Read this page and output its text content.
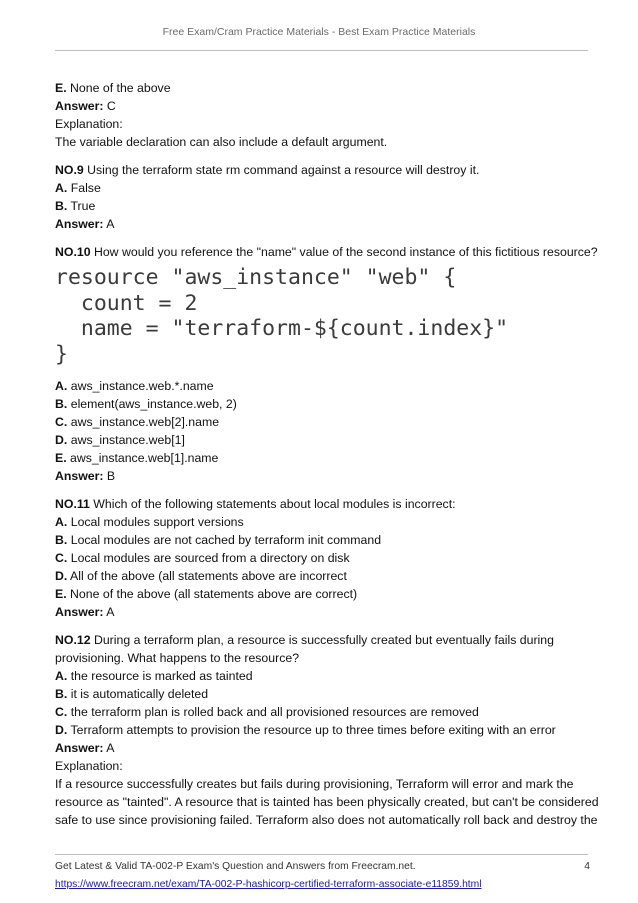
Free Exam/Cram Practice Materials - Best Exam Practice Materials
E. None of the above
Answer: C
Explanation:
The variable declaration can also include a default argument.
NO.9 Using the terraform state rm command against a resource will destroy it.
A. False
B. True
Answer: A
NO.10 How would you reference the "name" value of the second instance of this fictitious resource?
resource "aws_instance" "web" {
count = 2
name = "terraform-${count.index}"
}
A. aws_instance.web.*.name
B. element(aws_instance.web, 2)
C. aws_instance.web[2].name
D. aws_instance.web[1]
E. aws_instance.web[1].name
Answer: B
NO.11 Which of the following statements about local modules is incorrect:
A. Local modules support versions
B. Local modules are not cached by terraform init command
C. Local modules are sourced from a directory on disk
D. All of the above (all statements above are incorrect
E. None of the above (all statements above are correct)
Answer: A
NO.12 During a terraform plan, a resource is successfully created but eventually fails during
provisioning. What happens to the resource?
A. the resource is marked as tainted
B. it is automatically deleted
C. the terraform plan is rolled back and all provisioned resources are removed
D. Terraform attempts to provision the resource up to three times before exiting with an error
Answer: A
Explanation:
If a resource successfully creates but fails during provisioning, Terraform will error and mark the
resource as "tainted". A resource that is tainted has been physically created, but can't be considered
safe to use since provisioning failed. Terraform also does not automatically roll back and destroy the
Get Latest & Valid TA-002-P Exam's Question and Answers from Freecram.net.	4
https://www.freecram.net/exam/TA-002-P-hashicorp-certified-terraform-associate-e11859.html
